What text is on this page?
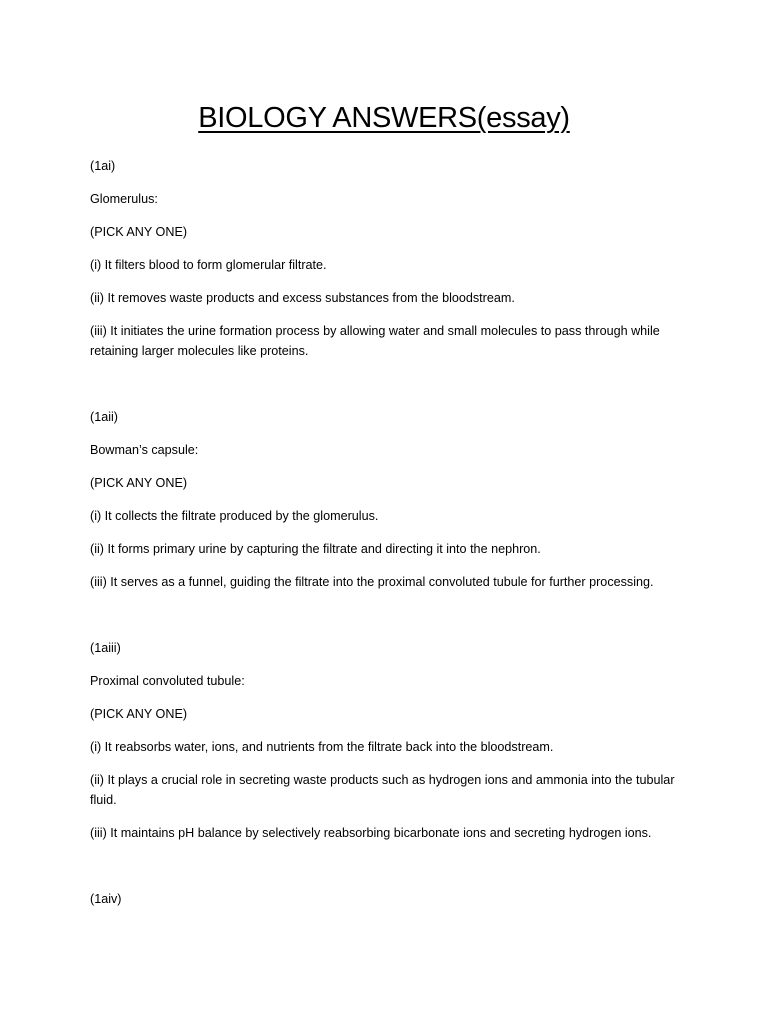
BIOLOGY ANSWERS(essay)

(1ai)

Glomerulus:

(PICK ANY ONE)

(i) It filters blood to form glomerular filtrate.

(ii) It removes waste products and excess substances from the bloodstream.

(iii) It initiates the urine formation process by allowing water and small molecules to pass through while retaining larger molecules like proteins.

(1aii)

Bowman’s capsule:

(PICK ANY ONE)

(i) It collects the filtrate produced by the glomerulus.

(ii) It forms primary urine by capturing the filtrate and directing it into the nephron.

(iii) It serves as a funnel, guiding the filtrate into the proximal convoluted tubule for further processing.

(1aiii)

Proximal convoluted tubule:

(PICK ANY ONE)

(i) It reabsorbs water, ions, and nutrients from the filtrate back into the bloodstream.

(ii) It plays a crucial role in secreting waste products such as hydrogen ions and ammonia into the tubular fluid.

(iii) It maintains pH balance by selectively reabsorbing bicarbonate ions and secreting hydrogen ions.

(1aiv)
